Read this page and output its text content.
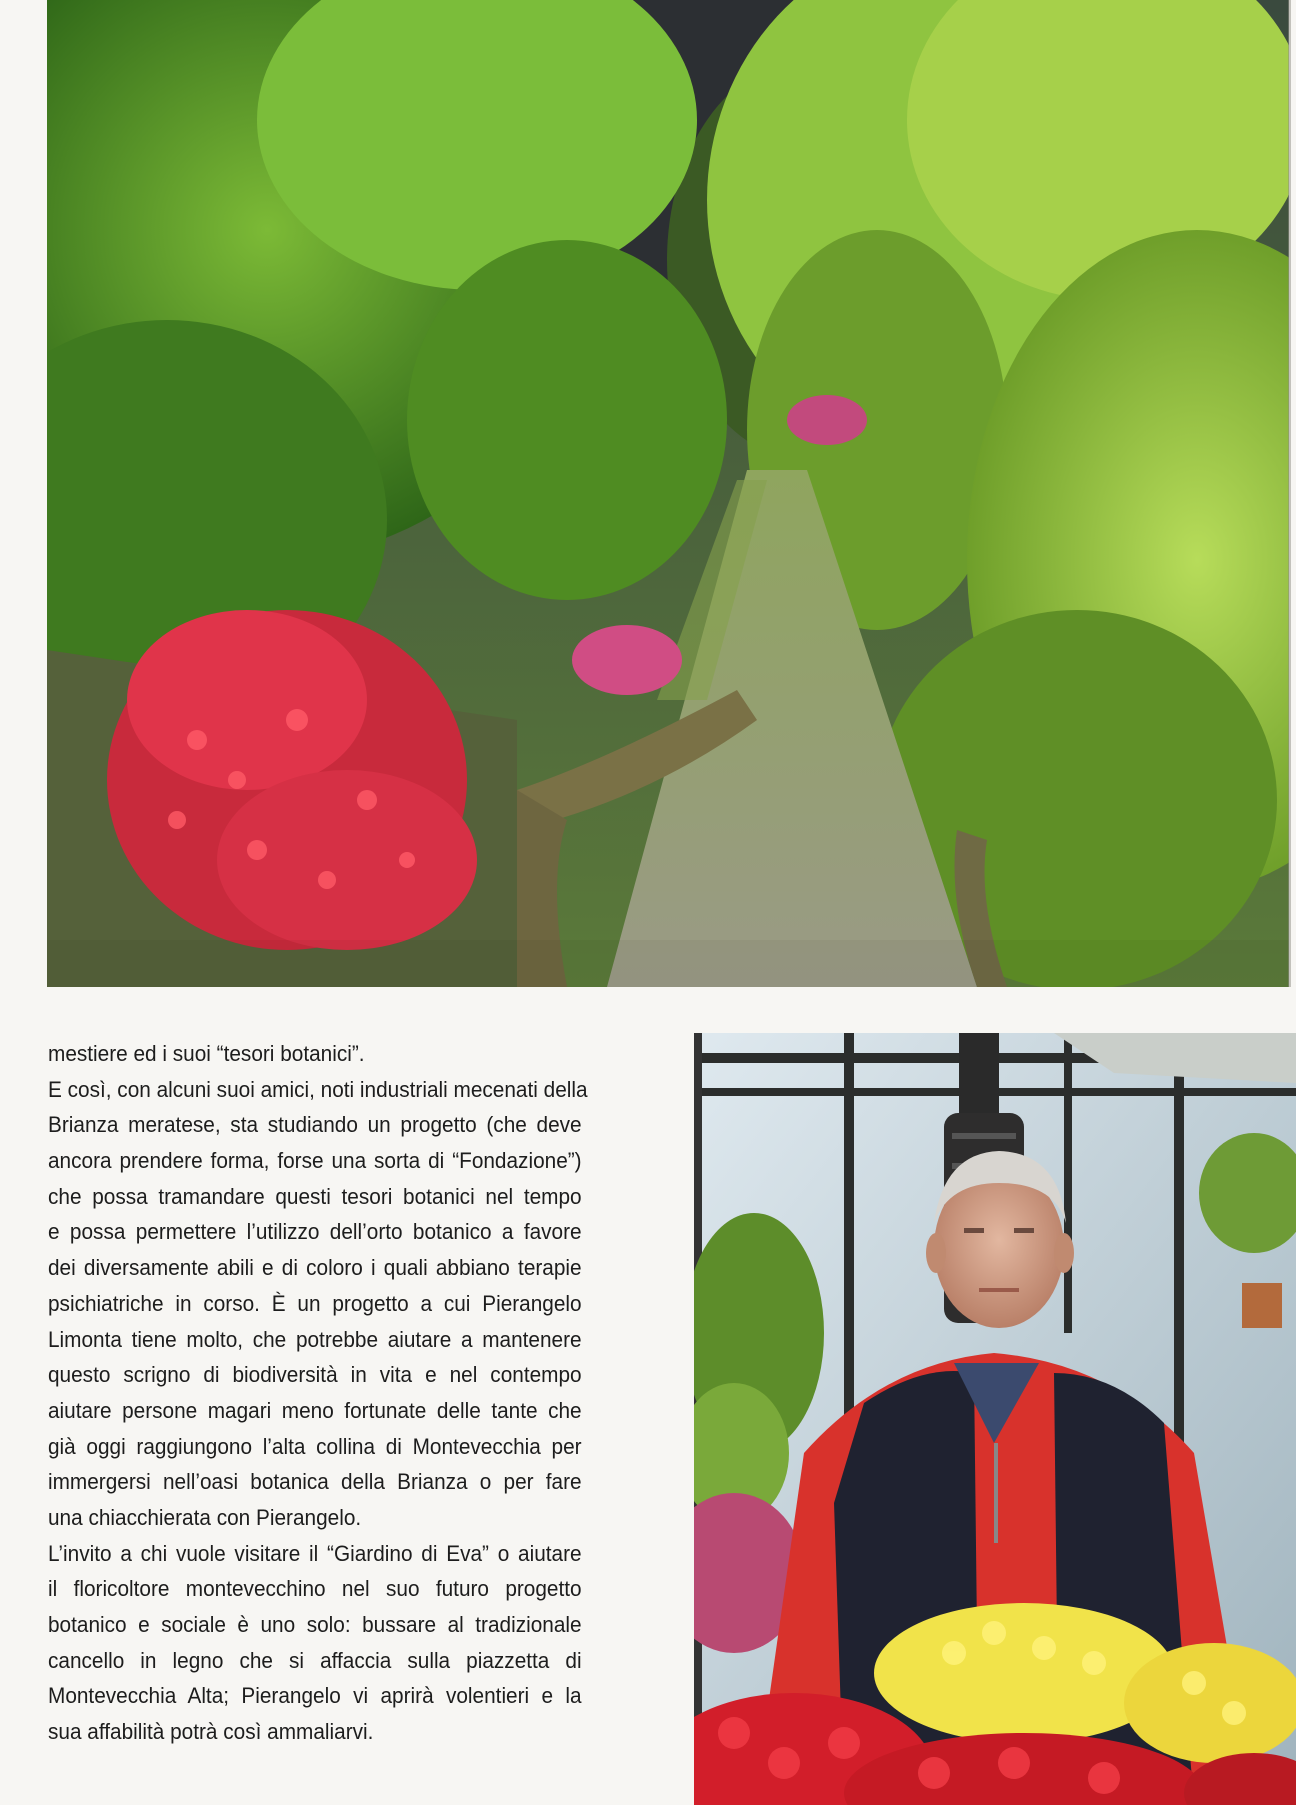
mestiere ed i suoi “tesori botanici”.
E così, con alcuni suoi amici, noti industriali mecenati della
Brianza meratese, sta studiando un progetto (che deve
ancora prendere forma, forse una sorta di “Fondazione”)
che possa tramandare questi tesori botanici nel tempo
e possa permettere l’utilizzo dell’orto botanico a favore
dei diversamente abili e di coloro i quali abbiano terapie
psichiatriche in corso. È un progetto a cui Pierangelo
Limonta tiene molto, che potrebbe aiutare a mantenere
questo scrigno di biodiversità in vita e nel contempo
aiutare persone magari meno fortunate delle tante che
già oggi raggiungono l’alta collina di Montevecchia per
immergersi nell’oasi botanica della Brianza o per fare
una chiacchierata con Pierangelo.
L’invito a chi vuole visitare il “Giardino di Eva” o aiutare
il floricoltore montevecchino nel suo futuro progetto
botanico e sociale è uno solo: bussare al tradizionale
cancello in legno che si affaccia sulla piazzetta di
Montevecchia Alta; Pierangelo vi aprirà volentieri e la
sua affabilità potrà così ammaliarvi.
